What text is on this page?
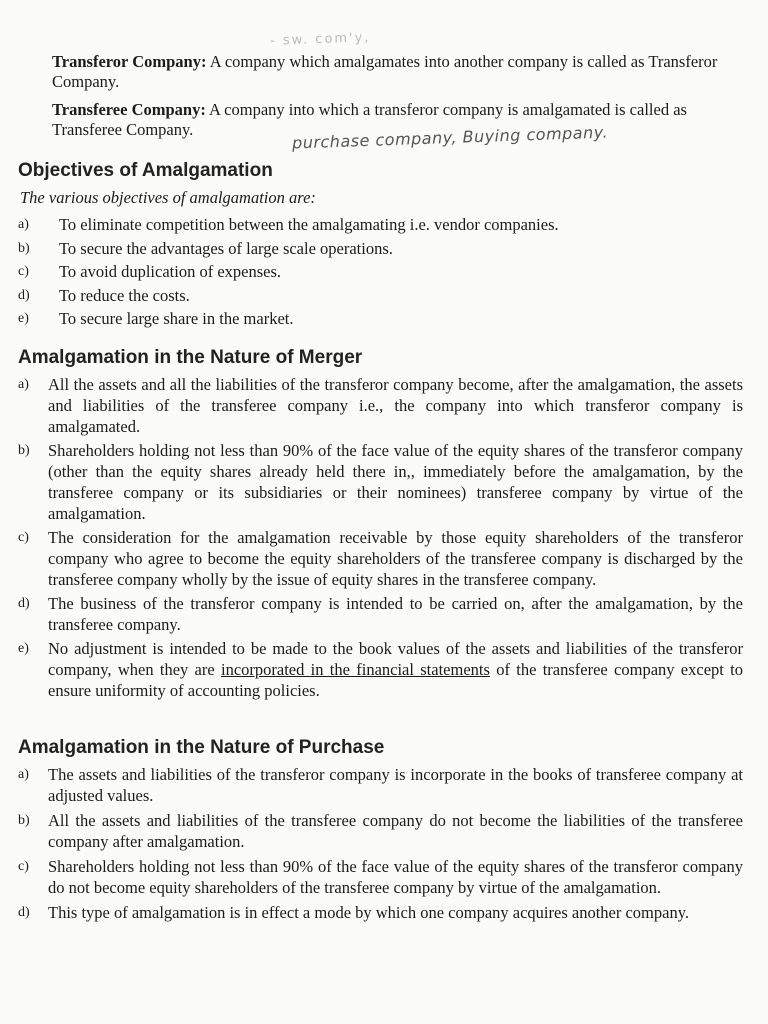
- sw. com'y,
Transferor Company: A company which amalgamates into another company is called as Transferor Company.
Transferee Company: A company into which a transferor company is amalgamated is called as Transferee Company.	purchase company, Buying company.
Objectives of Amalgamation
The various objectives of amalgamation are:
a)	To eliminate competition between the amalgamating i.e. vendor companies.
b)	To secure the advantages of large scale operations.
c)	To avoid duplication of expenses.
d)	To reduce the costs.
e)	To secure large share in the market.
Amalgamation in the Nature of Merger
a)	All the assets and all the liabilities of the transferor company become, after the amalgamation, the assets and liabilities of the transferee company i.e., the company into which transferor company is amalgamated.
b)	Shareholders holding not less than 90% of the face value of the equity shares of the transferor company (other than the equity shares already held there in,, immediately before the amalgamation, by the transferee company or its subsidiaries or their nominees) transferee company by virtue of the amalgamation.
c)	The consideration for the amalgamation receivable by those equity shareholders of the transferor company who agree to become the equity shareholders of the transferee company is discharged by the transferee company wholly by the issue of equity shares in the transferee company.
d)	The business of the transferor company is intended to be carried on, after the amalgamation, by the transferee company.
e)	No adjustment is intended to be made to the book values of the assets and liabilities of the transferor company, when they are incorporated in the financial statements of the transferee company except to ensure uniformity of accounting policies.
Amalgamation in the Nature of Purchase
a)	The assets and liabilities of the transferor company is incorporate in the books of transferee company at adjusted values.
b)	All the assets and liabilities of the transferee company do not become the liabilities of the transferee company after amalgamation.
c)	Shareholders holding not less than 90% of the face value of the equity shares of the transferor company do not become equity shareholders of the transferee company by virtue of the amalgamation.
d)	This type of amalgamation is in effect a mode by which one company acquires another company.
